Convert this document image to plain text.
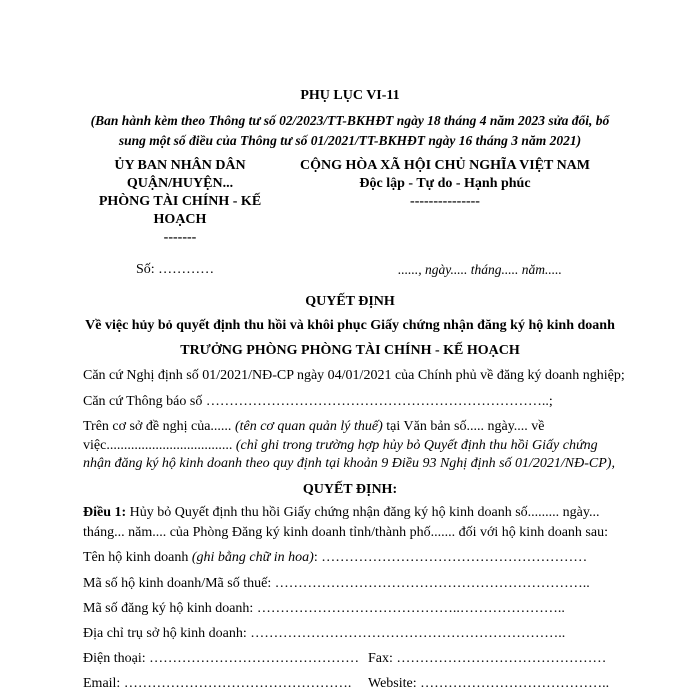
PHỤ LỤC VI-11
(Ban hành kèm theo Thông tư số 02/2023/TT-BKHĐT ngày 18 tháng 4 năm 2023 sửa đổi, bổ
sung một số điều của Thông tư số 01/2021/TT-BKHĐT ngày 16 tháng 3 năm 2021)
ỦY BAN NHÂN DÂN
QUẬN/HUYỆN...
PHÒNG TÀI CHÍNH - KẾ
HOẠCH
-------
Số: …………
CỘNG HÒA XÃ HỘI CHỦ NGHĨA VIỆT NAM
Độc lập - Tự do - Hạnh phúc
---------------
......, ngày..... tháng..... năm.....
QUYẾT ĐỊNH
Về việc hủy bỏ quyết định thu hồi và khôi phục Giấy chứng nhận đăng ký hộ kinh doanh
TRƯỞNG PHÒNG PHÒNG TÀI CHÍNH - KẾ HOẠCH
Căn cứ Nghị định số 01/2021/NĐ-CP ngày 04/01/2021 của Chính phủ về đăng ký doanh nghiệp;
Căn cứ Thông báo số ………………………………………………………………..;
Trên cơ sở đề nghị của...... (tên cơ quan quản lý thuế) tại Văn bản số..... ngày.... về
việc.................................... (chỉ ghi trong trường hợp hủy bỏ Quyết định thu hồi Giấy chứng
nhận đăng ký hộ kinh doanh theo quy định tại khoản 9 Điều 93 Nghị định số 01/2021/NĐ-CP),
QUYẾT ĐỊNH:
Điều 1: Hủy bỏ Quyết định thu hồi Giấy chứng nhận đăng ký hộ kinh doanh số......... ngày...
tháng... năm.... của Phòng Đăng ký kinh doanh tỉnh/thành phố....... đối với hộ kinh doanh sau:
Tên hộ kinh doanh (ghi bằng chữ in hoa): …………………………………………………
Mã số hộ kinh doanh/Mã số thuế: …………………………………………………………..
Mã số đăng ký hộ kinh doanh: ……………………………………..…………………..
Địa chỉ trụ sở hộ kinh doanh: …………………………………………………………..
Điện thoại: ……………………………………… Fax: ………………………………………
Email: …………………………………………. Website: …………………………………..
